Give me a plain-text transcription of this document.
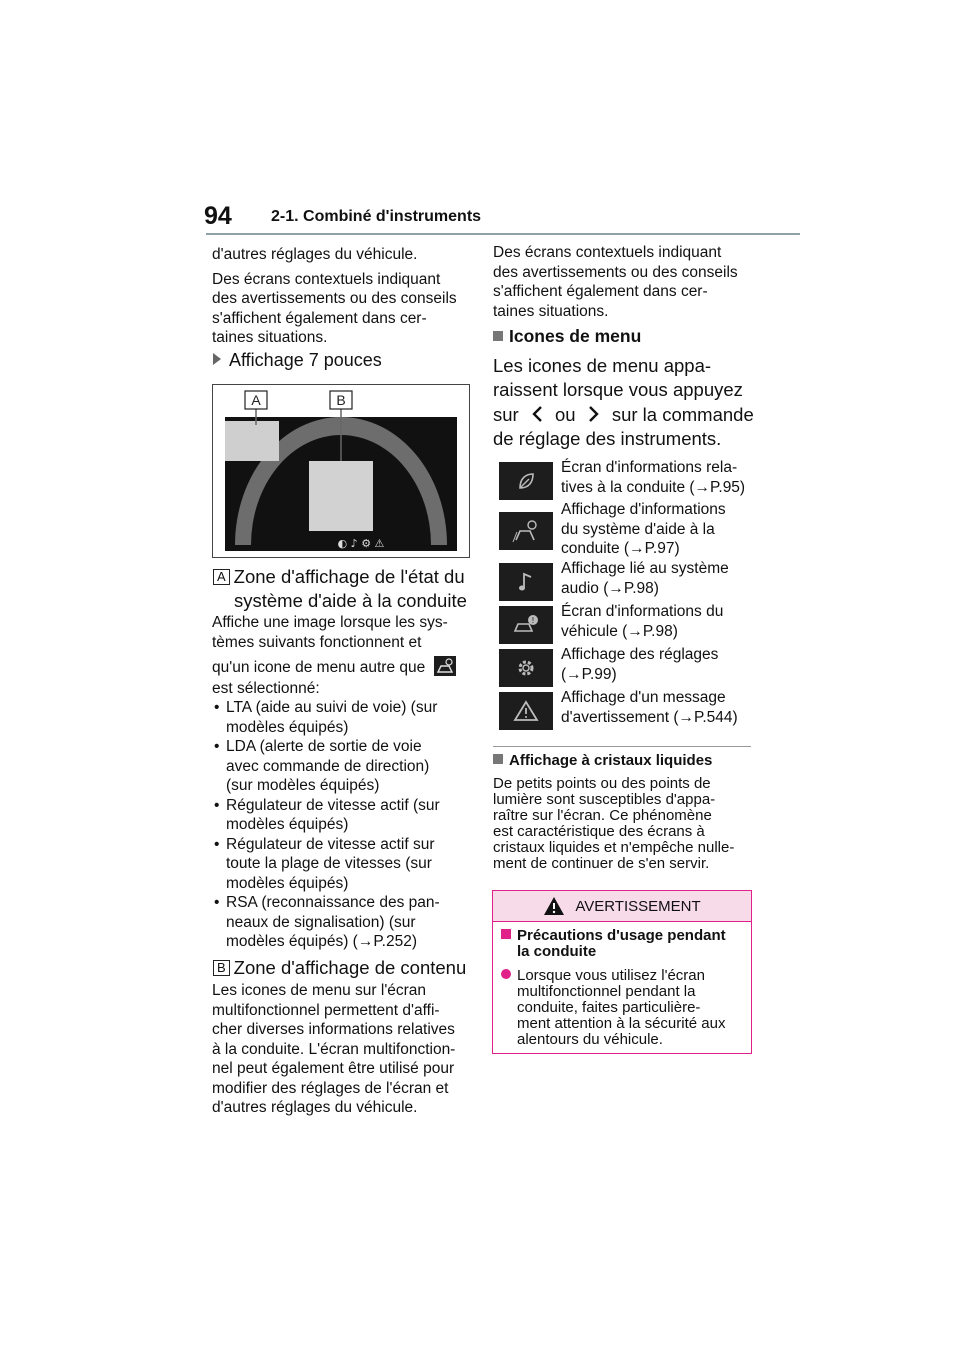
94 2-1. Combiné d'instruments

d'autres réglages du véhicule.

Des écrans contextuels indiquant
des avertissements ou des conseils
s'affichent également dans cer-
taines situations.

Affichage 7 pouces
A	B
◐ ♪ ⚙ ⚠
A Zone d'affichage de l'état du
système d'aide à la conduite
Affiche une image lorsque les sys-
tèmes suivants fonctionnent et
qu'un icone de menu autre que
est sélectionné:
• LTA (aide au suivi de voie) (sur
modèles équipés)
• LDA (alerte de sortie de voie
avec commande de direction)
(sur modèles équipés)
• Régulateur de vitesse actif (sur
modèles équipés)
• Régulateur de vitesse actif sur
toute la plage de vitesses (sur
modèles équipés)
• RSA (reconnaissance des pan-
neaux de signalisation) (sur
modèles équipés) (→P.252)
B Zone d'affichage de contenu
Les icones de menu sur l'écran
multifonctionnel permettent d'affi-
cher diverses informations relatives
à la conduite. L'écran multifonction-
nel peut également être utilisé pour
modifier des réglages de l'écran et
d'autres réglages du véhicule.
Des écrans contextuels indiquant
des avertissements ou des conseils
s'affichent également dans cer-
taines situations.
Icones de menu
Les icones de menu appa-
raissent lorsque vous appuyez
sur ou sur la commande
de réglage des instruments.
Écran d'informations rela-
tives à la conduite (→P.95)
Affichage d'informations
du système d'aide à la
conduite (→P.97)
Affichage lié au système
audio (→P.98)
!
Écran d'informations du
véhicule (→P.98)
Affichage des réglages
(→P.99)
Affichage d'un message
d'avertissement (→P.544)
Affichage à cristaux liquides
De petits points ou des points de
lumière sont susceptibles d'appa-
raître sur l'écran. Ce phénomène
est caractéristique des écrans à
cristaux liquides et n'empêche nulle-
ment de continuer de s'en servir.
AVERTISSEMENT
Précautions d'usage pendant
la conduite
Lorsque vous utilisez l'écran
multifonctionnel pendant la
conduite, faites particulière-
ment attention à la sécurité aux
alentours du véhicule.
